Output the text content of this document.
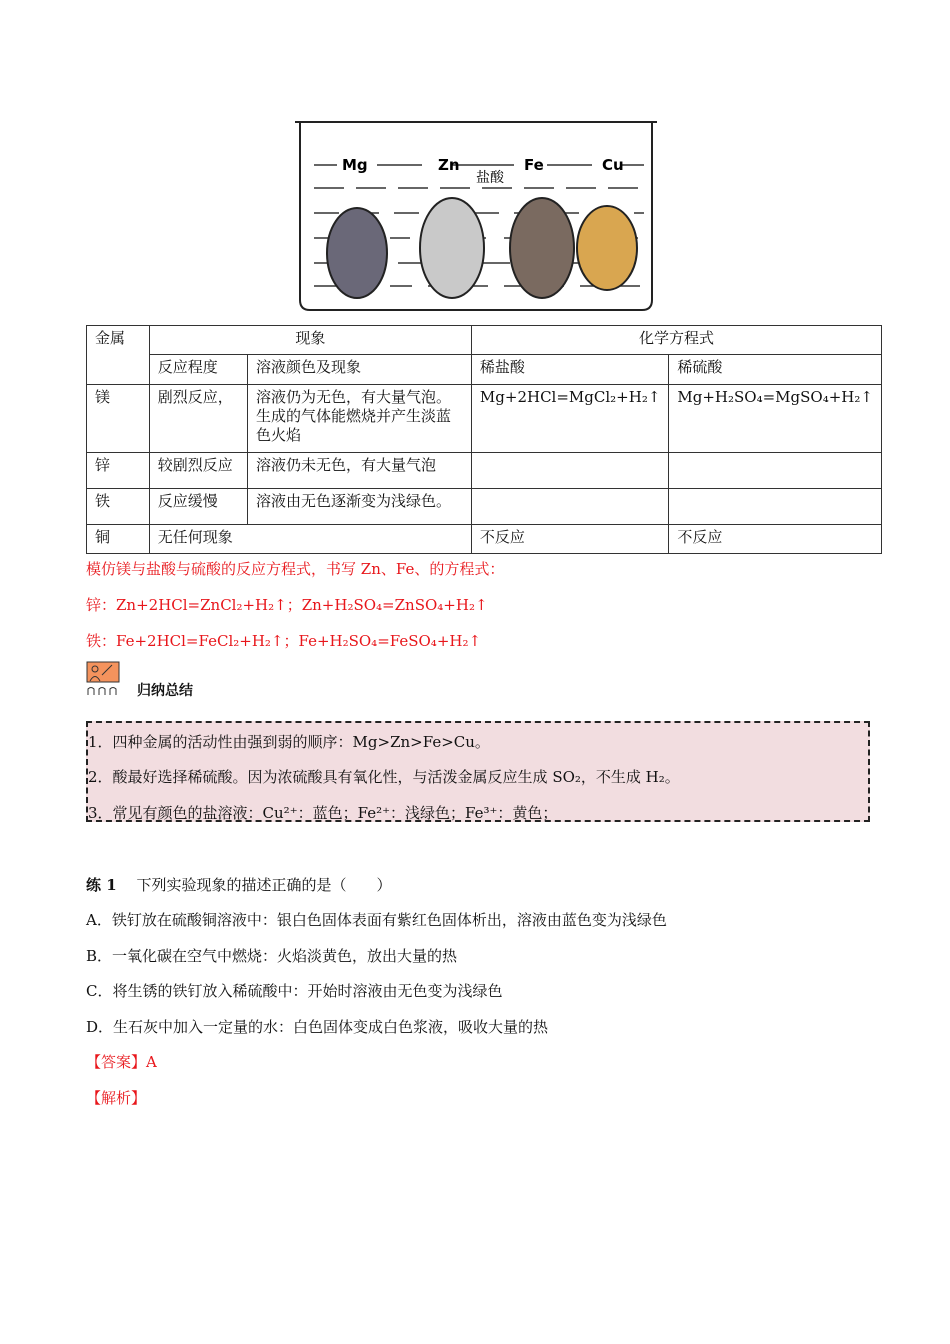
Mg	Zn	Fe	Cu
盐酸
金属	现象		化学方程式	
	反应程度	溶液颜色及现象	稀盐酸	稀硫酸
镁	剧烈反应，	溶液仍为无色，有大量气泡。生成的气体能燃烧并产生淡蓝色火焰	Mg+2HCl=MgCl₂+H₂↑	Mg+H₂SO₄=MgSO₄+H₂↑
锌	较剧烈反应	溶液仍未无色，有大量气泡		
铁	反应缓慢	溶液由无色逐渐变为浅绿色。		
铜	无任何现象		不反应	不反应
模仿镁与盐酸与硫酸的反应方程式，书写 Zn、Fe、的方程式：
锌：Zn+2HCl=ZnCl₂+H₂↑；Zn+H₂SO₄=ZnSO₄+H₂↑
铁：Fe+2HCl=FeCl₂+H₂↑；Fe+H₂SO₄=FeSO₄+H₂↑
归纳总结
1．四种金属的活动性由强到弱的顺序：Mg>Zn>Fe>Cu。
2．酸最好选择稀硫酸。因为浓硫酸具有氧化性，与活泼金属反应生成 SO₂，不生成 H₂。
3．常见有颜色的盐溶液：Cu²⁺：蓝色；Fe²⁺：浅绿色；Fe³⁺：黄色；
练 1　 下列实验现象的描述正确的是（　　）
A．铁钉放在硫酸铜溶液中：银白色固体表面有紫红色固体析出，溶液由蓝色变为浅绿色
B．一氧化碳在空气中燃烧：火焰淡黄色，放出大量的热
C．将生锈的铁钉放入稀硫酸中：开始时溶液由无色变为浅绿色
D．生石灰中加入一定量的水：白色固体变成白色浆液，吸收大量的热
【答案】A
【解析】
